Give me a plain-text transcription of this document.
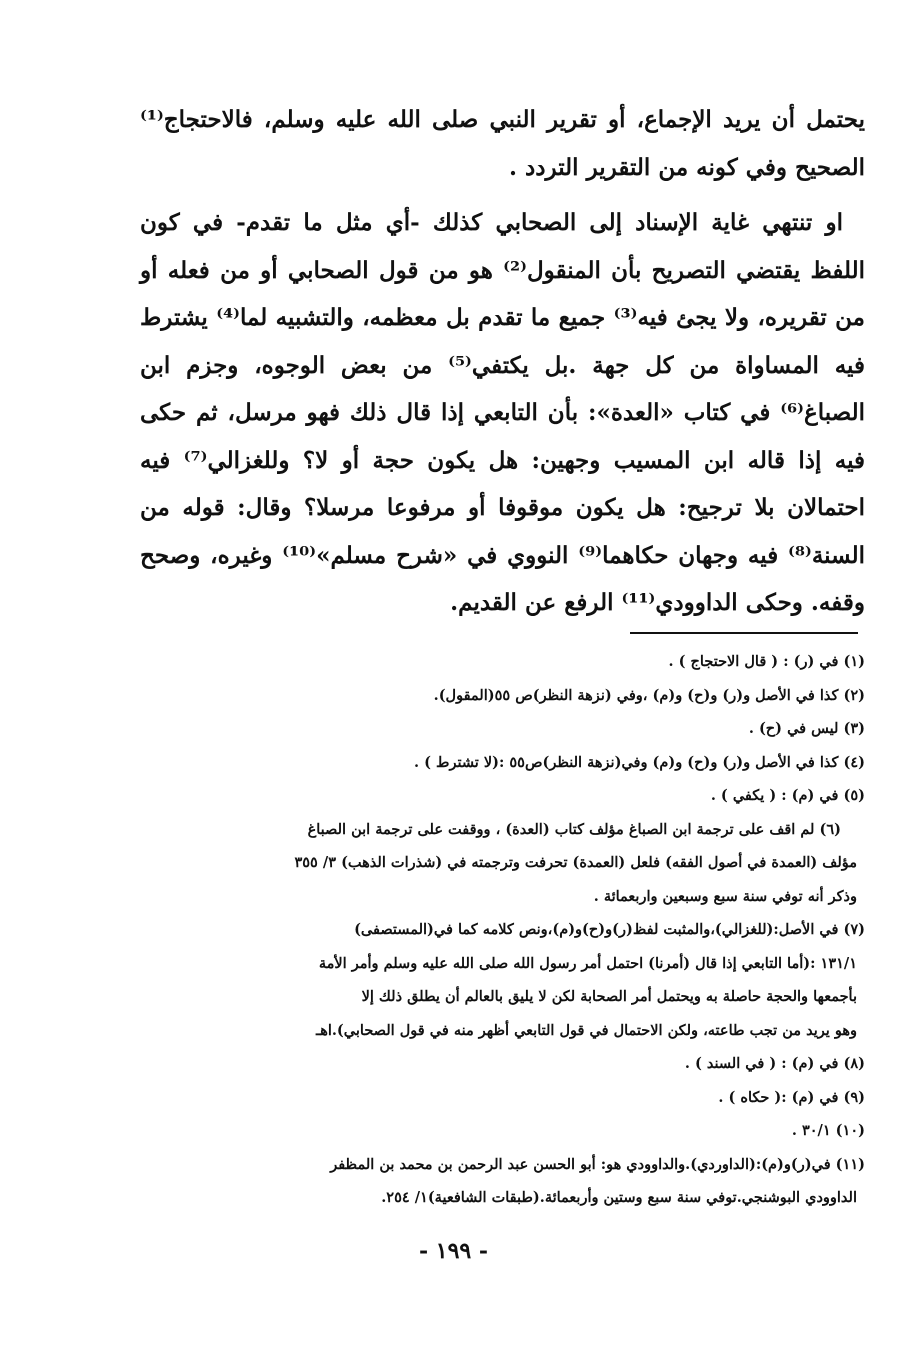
يحتمل أن يريد الإجماع، أو تقرير النبي صلى الله عليه وسلم، فالاحتجاج⁽¹⁾ الصحيح وفي كونه من التقرير التردد .

او تنتهي غاية الإسناد إلى الصحابي كذلك -أي مثل ما تقدم- في كون اللفظ يقتضي التصريح بأن المنقول⁽²⁾ هو من قول الصحابي أو من فعله أو من تقريره، ولا يجئ فيه⁽³⁾ جميع ما تقدم بل معظمه، والتشبيه لما⁽⁴⁾ يشترط فيه المساواة من كل جهة .بل يكتفي⁽⁵⁾ من بعض الوجوه، وجزم ابن الصباغ⁽⁶⁾ في كتاب «العدة»: بأن التابعي إذا قال ذلك فهو مرسل، ثم حكى فيه إذا قاله ابن المسيب وجهين: هل يكون حجة أو لا؟ وللغزالي⁽⁷⁾ فيه احتمالان بلا ترجيح: هل يكون موقوفا أو مرفوعا مرسلا؟ وقال: قوله من السنة⁽⁸⁾ فيه وجهان حكاهما⁽⁹⁾ النووي في «شرح مسلم»⁽¹⁰⁾ وغيره، وصحح وقفه. وحكى الداوودي⁽¹¹⁾ الرفع عن القديم.

(١) في (ر) : ( قال الاحتجاج ) .

(٢) كذا في الأصل و(ر) و(ح) و(م) ،وفي (نزهة النظر)ص ٥٥(المقول).

(٣) ليس في (ح) .

(٤) كذا في الأصل و(ر) و(ح) و(م) وفي(نزهة النظر)ص٥٥ :(لا تشترط ) .

(٥) في (م) : ( يكفي ) .

(٦) لم اقف على ترجمة ابن الصباغ مؤلف كتاب (العدة) ، ووقفت على ترجمة ابن الصباغ

مؤلف (العمدة في أصول الفقه) فلعل (العمدة) تحرفت وترجمته في (شذرات الذهب) ٣/ ٣٥٥

وذكر أنه توفي سنة سبع وسبعين واربعمائة .

(٧) في الأصل:(للغزالي)،والمثبت لفظ(ر)و(ح)و(م)،ونص كلامه كما في(المستصفى)

١٣١/١ :(أما التابعي إذا قال (أمرنا) احتمل أمر رسول الله صلى الله عليه وسلم وأمر الأمة

بأجمعها والحجة حاصلة به ويحتمل أمر الصحابة لكن لا يليق بالعالم أن يطلق ذلك إلا

وهو يريد من تجب طاعته، ولكن الاحتمال في قول التابعي أظهر منه في قول الصحابي).اهـ

(٨) في (م) : ( في السند ) .

(٩) في (م) :( حكاه ) .

(١٠) ٣٠/١ .

(١١) في(ر)و(م):(الداوردي).والداوودي هو: أبو الحسن عبد الرحمن بن محمد بن المظفر

الداوودي البوشنجي.توفي سنة سبع وستين وأربعمائة.(طبقات الشافعية)١/ ٢٥٤.

- ١٩٩ -
